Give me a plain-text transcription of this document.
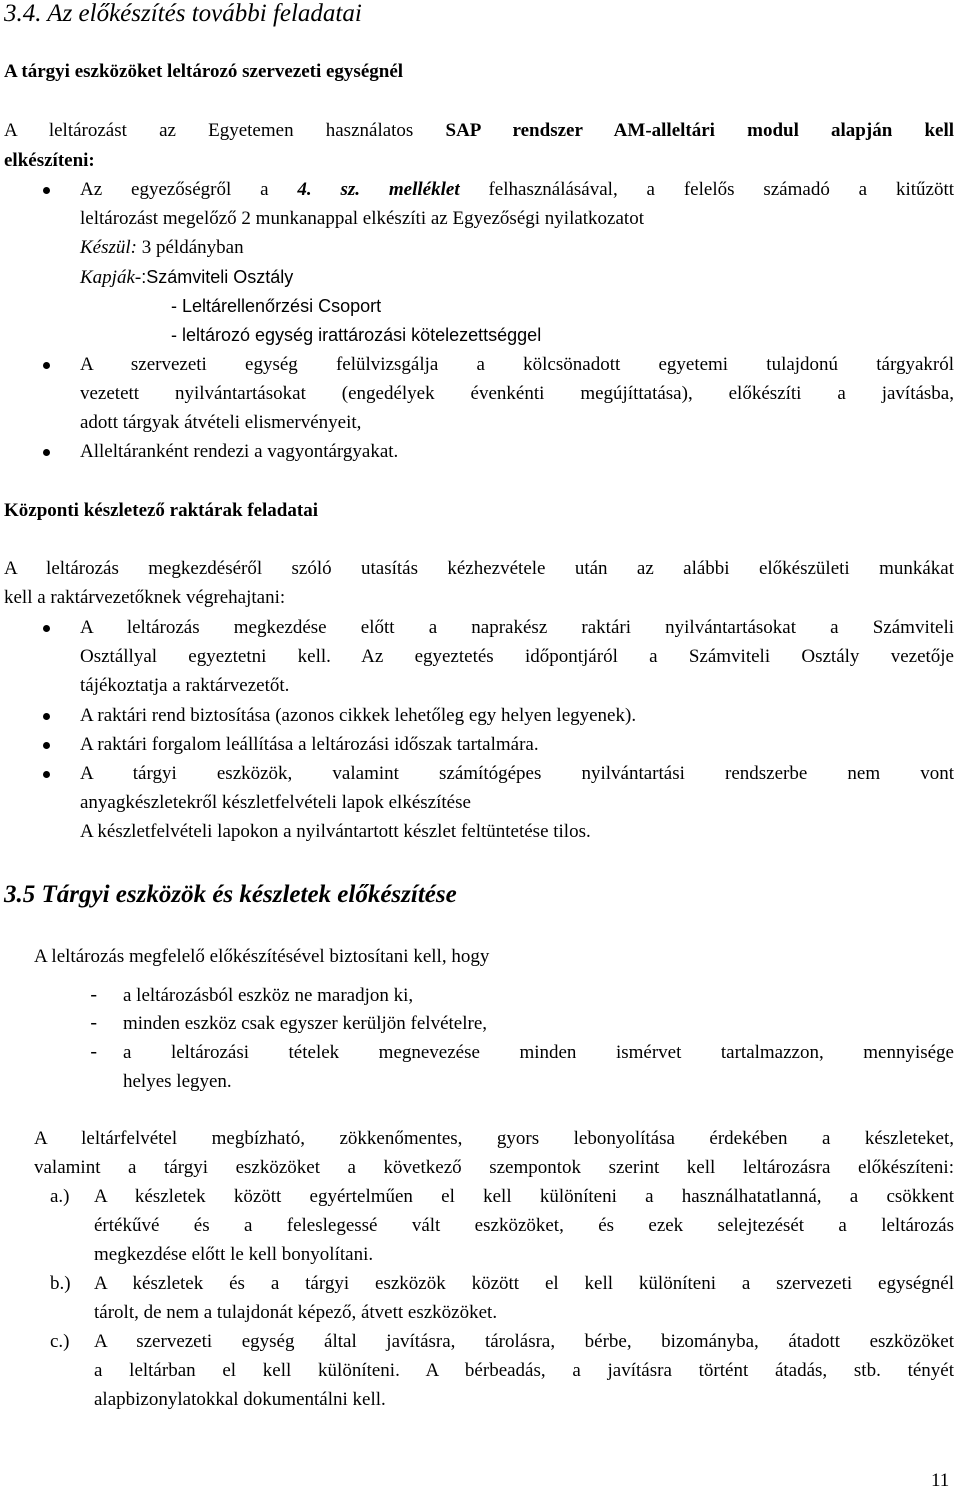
3.4. Az előkészítés további feladatai
A tárgyi eszközöket leltározó szervezeti egységnél
A leltározást az Egyetemen használatos SAP rendszer AM-alleltári modul alapján kell
elkészíteni:
Az egyezőségről a 4. sz. melléklet felhasználásával, a felelős számadó a kitűzött
leltározást megelőző 2 munkanappal elkészíti az Egyezőségi nyilatkozatot
Készül: 3 példányban
Kapják-:Számviteli Osztály
- Leltárellenőrzési Csoport
- leltározó egység irattározási kötelezettséggel
A szervezeti egység felülvizsgálja a kölcsönadott egyetemi tulajdonú tárgyakról
vezetett nyilvántartásokat (engedélyek évenkénti megújíttatása), előkészíti a javításba,
adott tárgyak átvételi elismervényeit,
Alleltáranként rendezi a vagyontárgyakat.
Központi készletező raktárak feladatai
A leltározás megkezdéséről szóló utasítás kézhezvétele után az alábbi előkészületi munkákat
kell a raktárvezetőknek végrehajtani:
A leltározás megkezdése előtt a naprakész raktári nyilvántartásokat a Számviteli
Osztállyal egyeztetni kell. Az egyeztetés időpontjáról a Számviteli Osztály vezetője
tájékoztatja a raktárvezetőt.
A raktári rend biztosítása (azonos cikkek lehetőleg egy helyen legyenek).
A raktári forgalom leállítása a leltározási időszak tartalmára.
A tárgyi eszközök, valamint számítógépes nyilvántartási rendszerbe nem vont
anyagkészletekről készletfelvételi lapok elkészítése
A készletfelvételi lapokon a nyilvántartott készlet feltüntetése tilos.
3.5 Tárgyi eszközök és készletek előkészítése
A leltározás megfelelő előkészítésével biztosítani kell, hogy
- a leltározásból eszköz ne maradjon ki,
- minden eszköz csak egyszer kerüljön felvételre,
- a leltározási tételek megnevezése minden ismérvet tartalmazzon, mennyisége
helyes legyen.
A leltárfelvétel megbízható, zökkenőmentes, gyors lebonyolítása érdekében a készleteket,
valamint a tárgyi eszközöket a következő szempontok szerint kell leltározásra előkészíteni:
a.) A készletek között egyértelműen el kell különíteni a használhatatlanná, a csökkent
értékűvé és a feleslegessé vált eszközöket, és ezek selejtezését a leltározás
megkezdése előtt le kell bonyolítani.
b.) A készletek és a tárgyi eszközök között el kell különíteni a szervezeti egységnél
tárolt, de nem a tulajdonát képező, átvett eszközöket.
c.) A szervezeti egység által javításra, tárolásra, bérbe, bizományba, átadott eszközöket
a leltárban el kell különíteni. A bérbeadás, a javításra történt átadás, stb. tényét
alapbizonylatokkal dokumentálni kell.
11
